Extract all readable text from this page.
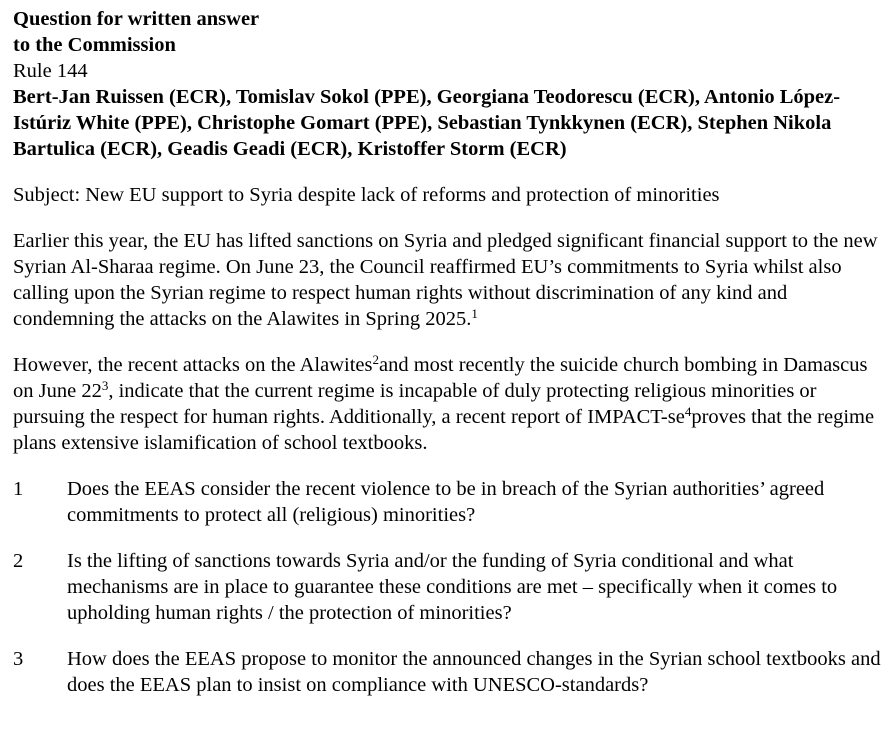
Question for written answer
to the Commission
Rule 144
Bert-Jan Ruissen (ECR), Tomislav Sokol (PPE), Georgiana Teodorescu (ECR), Antonio López-Istúriz White (PPE), Christophe Gomart (PPE), Sebastian Tynkkynen (ECR), Stephen Nikola Bartulica (ECR), Geadis Geadi (ECR), Kristoffer Storm (ECR)
Subject: New EU support to Syria despite lack of reforms and protection of minorities
Earlier this year, the EU has lifted sanctions on Syria and pledged significant financial support to the new Syrian Al-Sharaa regime. On June 23, the Council reaffirmed EU’s commitments to Syria whilst also calling upon the Syrian regime to respect human rights without discrimination of any kind and condemning the attacks on the Alawites in Spring 2025.$^1$
However, the recent attacks on the Alawites$^2$and most recently the suicide church bombing in Damascus on June $22^3$, indicate that the current regime is incapable of duly protecting religious minorities or pursuing the respect for human rights. Additionally, a recent report of IMPACT-$se^4proves$ that the regime plans extensive islamification of school textbooks.
1	Does the EEAS consider the recent violence to be in breach of the Syrian authorities’ agreed commitments to protect all (religious) minorities?
2	Is the lifting of sanctions towards Syria and/or the funding of Syria conditional and what mechanisms are in place to guarantee these conditions are met – specifically when it comes to upholding human rights / the protection of minorities?
3	How does the EEAS propose to monitor the announced changes in the Syrian school textbooks and does the EEAS plan to insist on compliance with UNESCO-standards?
